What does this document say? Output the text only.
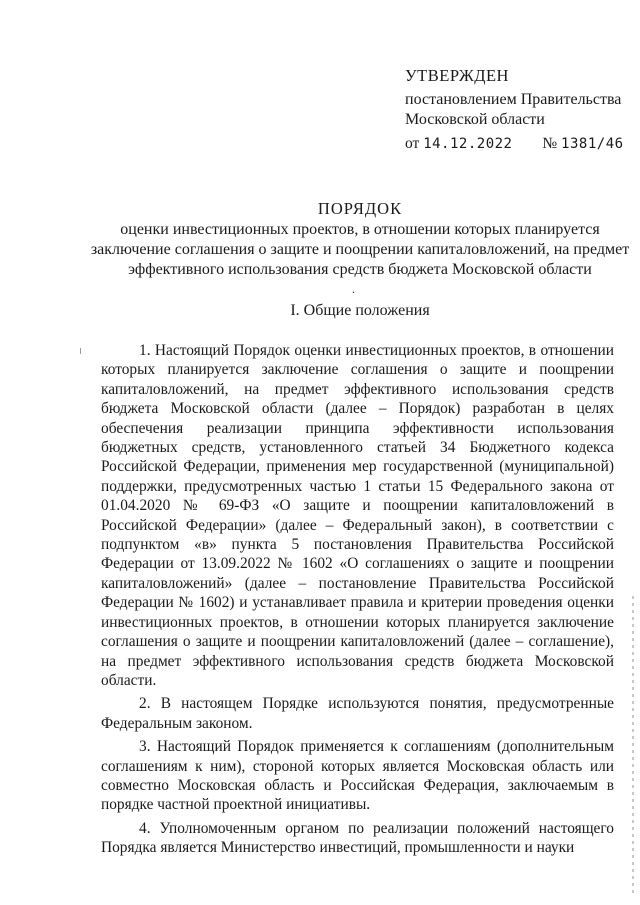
УТВЕРЖДЕН
постановлением Правительства
Московской области
от 14.12.2022 № 1381/46
ПОРЯДОК
оценки инвестиционных проектов, в отношении которых планируется
заключение соглашения о защите и поощрении капиталовложений, на предмет
эффективного использования средств бюджета Московской области
.
I. Общие положения

1. Настоящий Порядок оценки инвестиционных проектов, в отношении которых планируется заключение соглашения о защите и поощрении капиталовложений, на предмет эффективного использования средств бюджета Московской области (далее – Порядок) разработан в целях обеспечения реализации принципа эффективности использования бюджетных средств, установленного статьей 34 Бюджетного кодекса Российской Федерации, применения мер государственной (муниципальной) поддержки, предусмотренных частью 1 статьи 15 Федерального закона от 01.04.2020 № 69-ФЗ «О защите и поощрении капиталовложений в Российской Федерации» (далее – Федеральный закон), в соответствии с подпунктом «в» пункта 5 постановления Правительства Российской Федерации от 13.09.2022 № 1602 «О соглашениях о защите и поощрении капиталовложений» (далее – постановление Правительства Российской Федерации № 1602) и устанавливает правила и критерии проведения оценки инвестиционных проектов, в отношении которых планируется заключение соглашения о защите и поощрении капиталовложений (далее – соглашение), на предмет эффективного использования средств бюджета Московской области.

2. В настоящем Порядке используются понятия, предусмотренные Федеральным законом.

3. Настоящий Порядок применяется к соглашениям (дополнительным соглашениям к ним), стороной которых является Московская область или совместно Московская область и Российская Федерация, заключаемым в порядке частной проектной инициативы.

4. Уполномоченным органом по реализации положений настоящего Порядка является Министерство инвестиций, промышленности и науки
